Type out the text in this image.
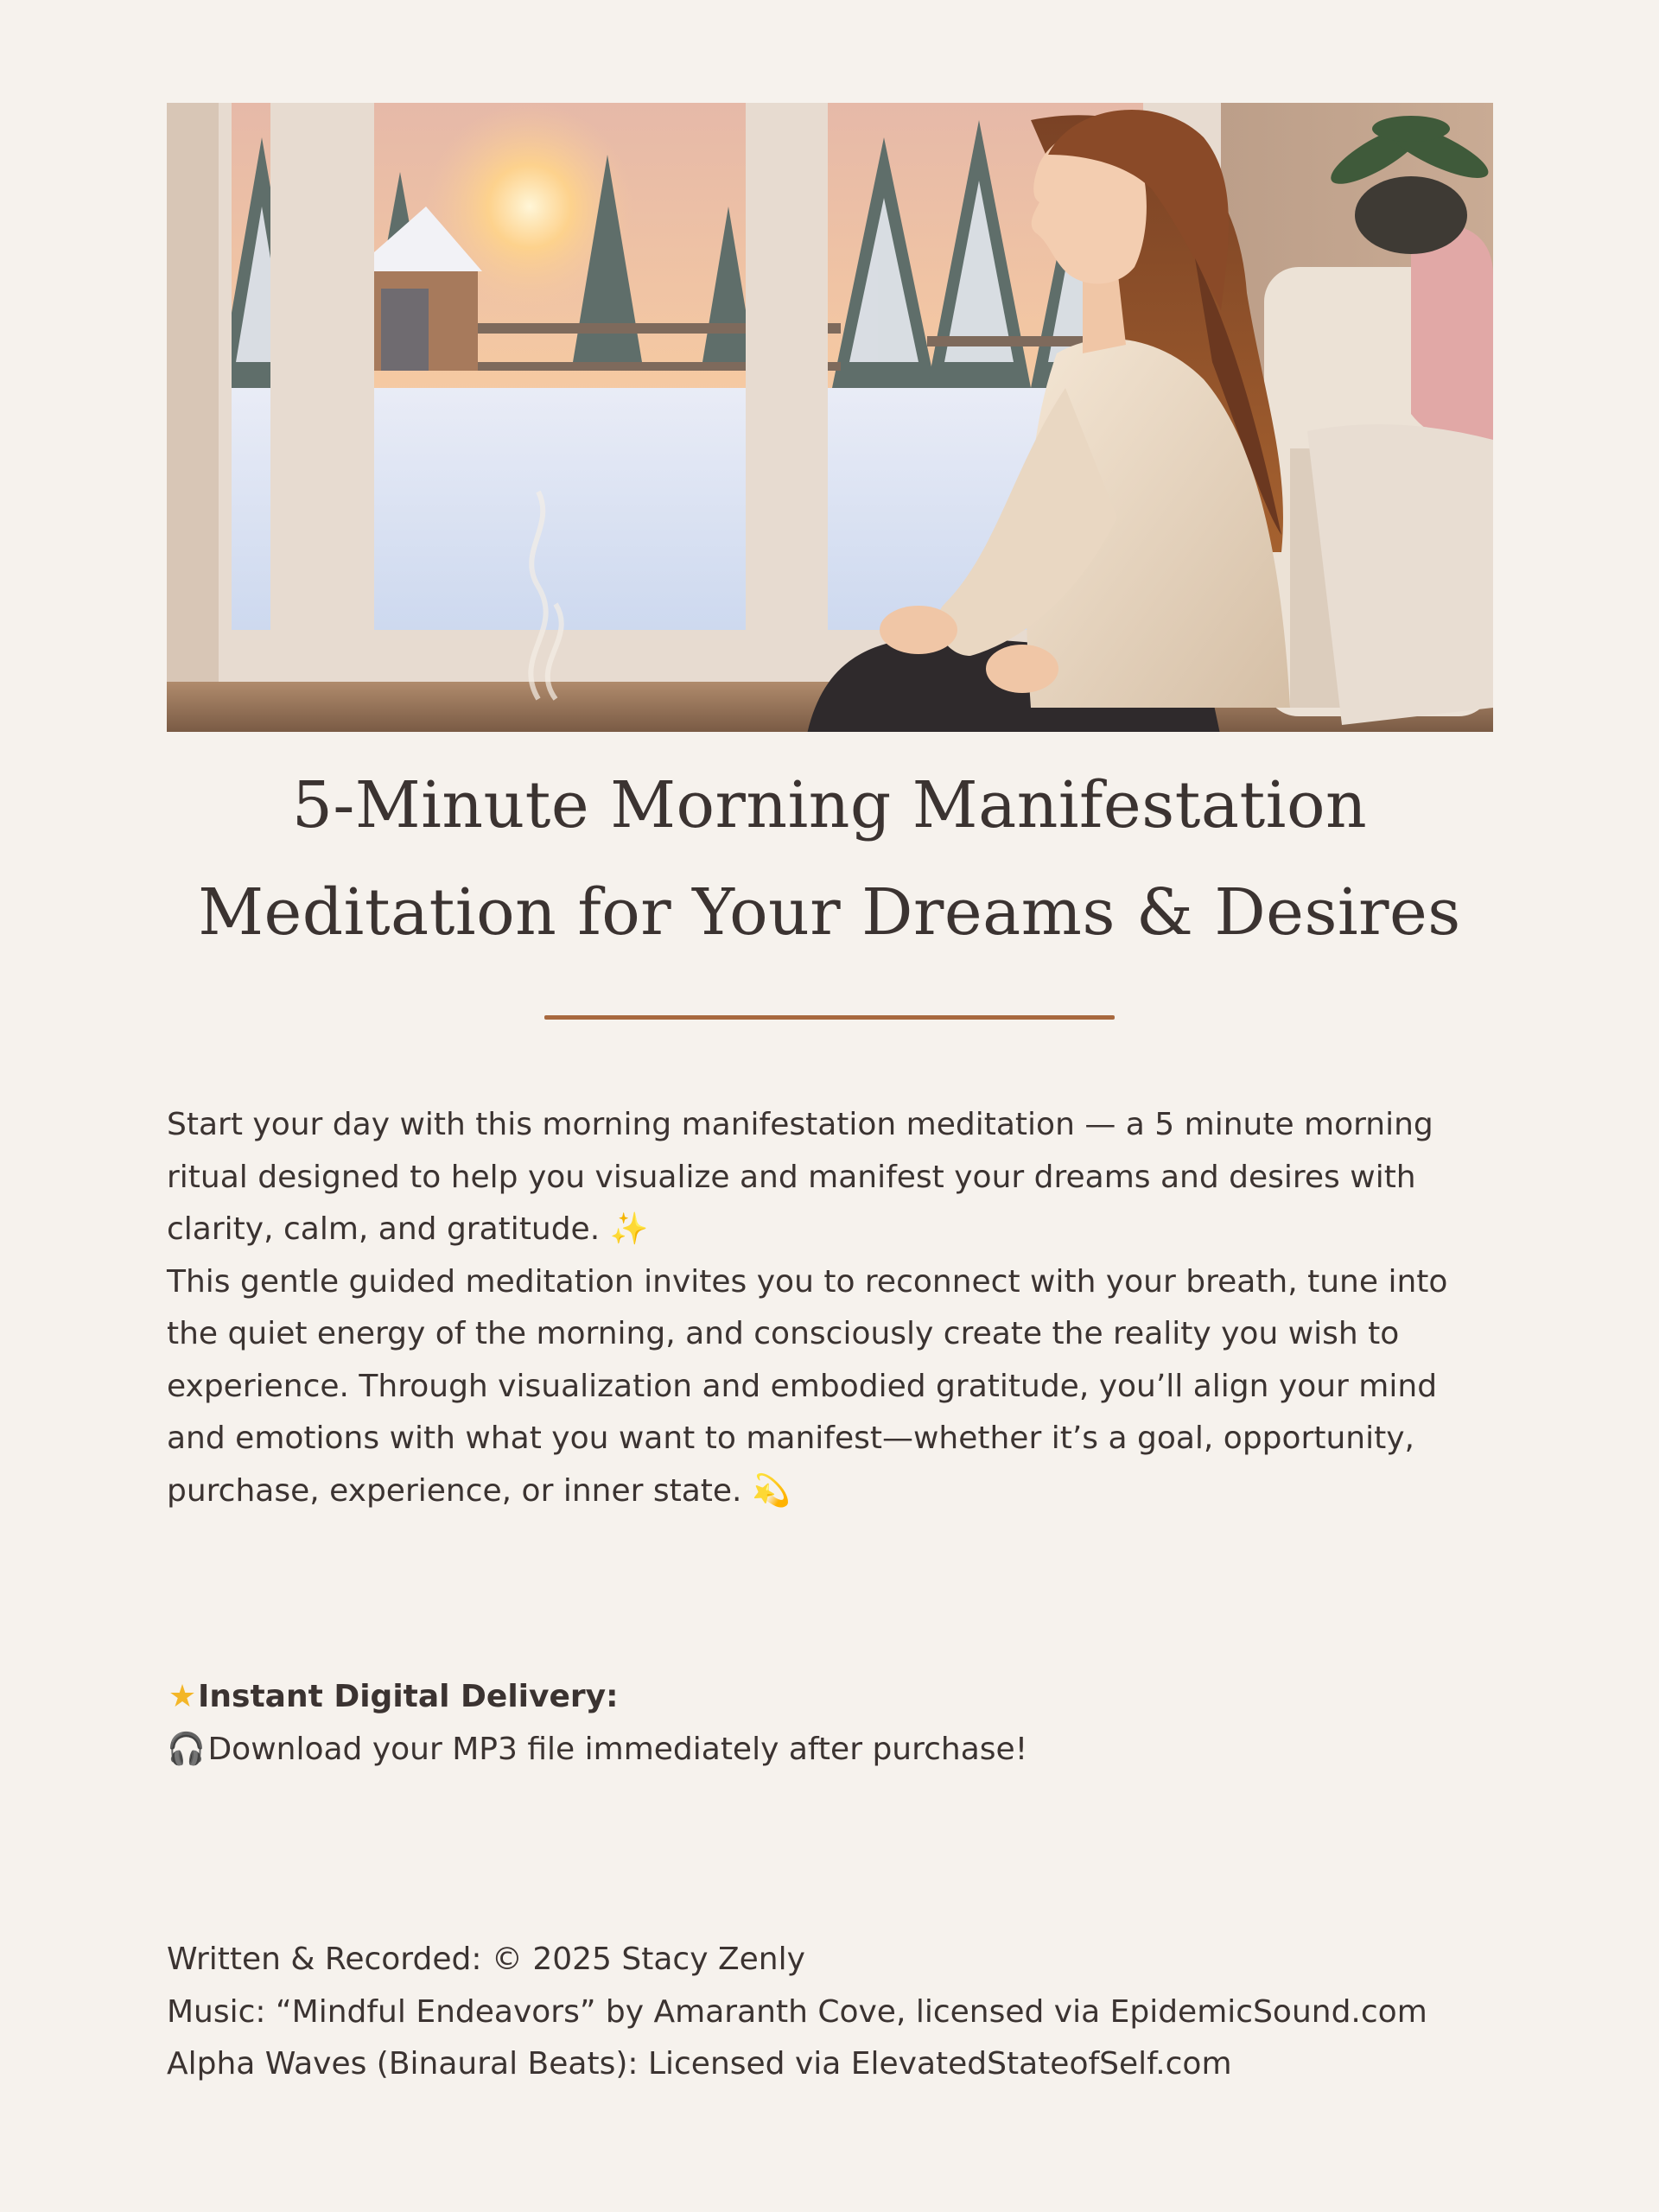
5-Minute Morning Manifestation
Meditation for Your Dreams & Desires

Start your day with this morning manifestation meditation — a 5 minute morning ritual designed to help you visualize and manifest your dreams and desires with clarity, calm, and gratitude. ✨

This gentle guided meditation invites you to reconnect with your breath, tune into the quiet energy of the morning, and consciously create the reality you wish to experience. Through visualization and embodied gratitude, you’ll align your mind and emotions with what you want to manifest—whether it’s a goal, opportunity, purchase, experience, or inner state. 💫

★Instant Digital Delivery:

🎧 Download your MP3 file immediately after purchase!

Written & Recorded: © 2025 Stacy Zenly

Music: “Mindful Endeavors” by Amaranth Cove, licensed via EpidemicSound.com

Alpha Waves (Binaural Beats): Licensed via ElevatedStateofSelf.com
